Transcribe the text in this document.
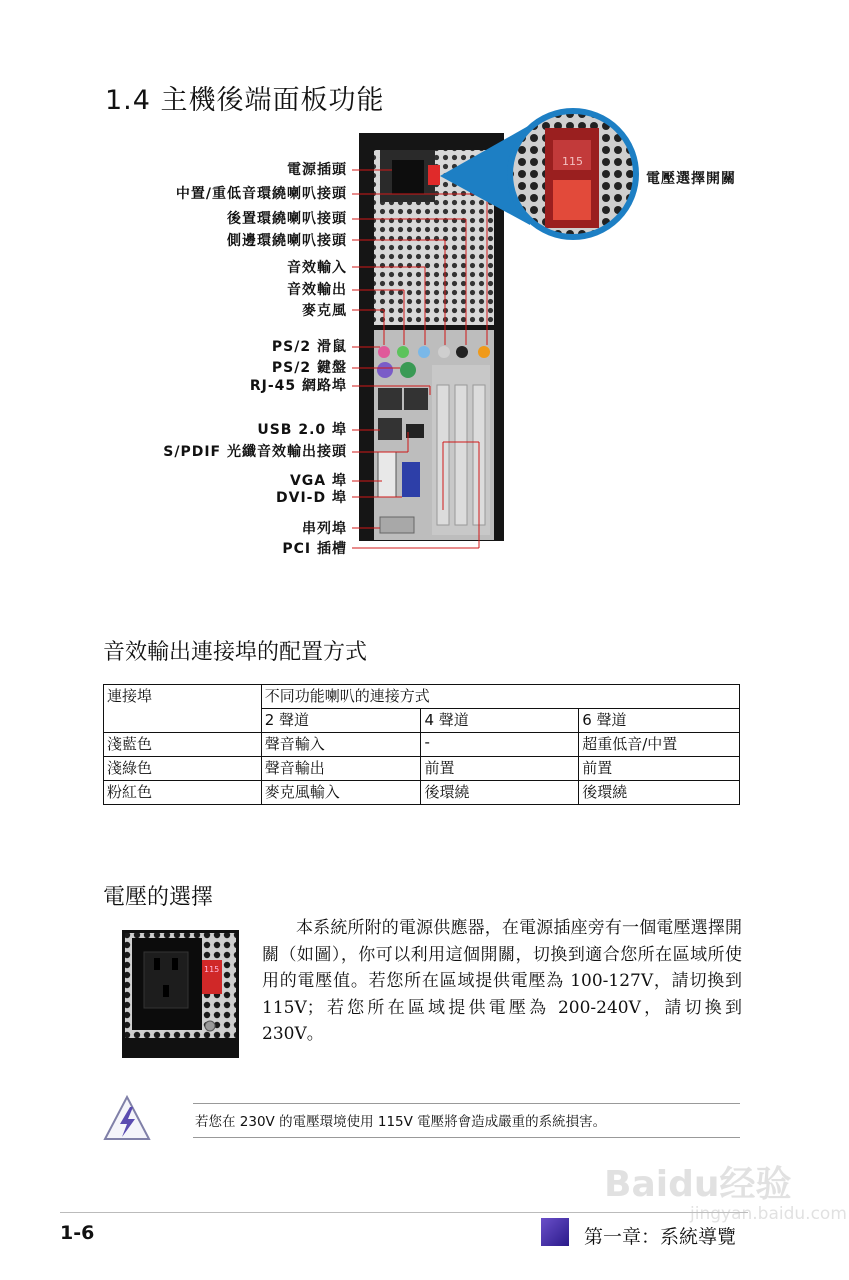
1.4 主機後端面板功能
115
電源插頭
中置/重低音環繞喇叭接頭
後置環繞喇叭接頭
側邊環繞喇叭接頭
音效輸入
音效輸出
麥克風
PS/2 滑鼠
PS/2 鍵盤
RJ-45 網路埠
USB 2.0 埠
S/PDIF 光纖音效輸出接頭
VGA 埠
DVI-D 埠
串列埠
PCI 插槽
電壓選擇開關
音效輸出連接埠的配置方式
連接埠	不同功能喇叭的連接方式		
	2 聲道	4 聲道	6 聲道
淺藍色	聲音輸入	-	超重低音/中置
淺綠色	聲音輸出	前置	前置
粉紅色	麥克風輸入	後環繞	後環繞
電壓的選擇
115
本系統所附的電源供應器，在電源插座旁有一個電壓選擇開關（如圖），你可以利用這個開關，切換到適合您所在區域所使用的電壓值。若您所在區域提供電壓為 100-127V，請切換到 115V；若您所在區域提供電壓為 200-240V，請切換到 230V。
若您在 230V 的電壓環境使用 115V 電壓將會造成嚴重的系統損害。
Baidu经验
jingyan.baidu.com
1-6	第一章：系統導覽
